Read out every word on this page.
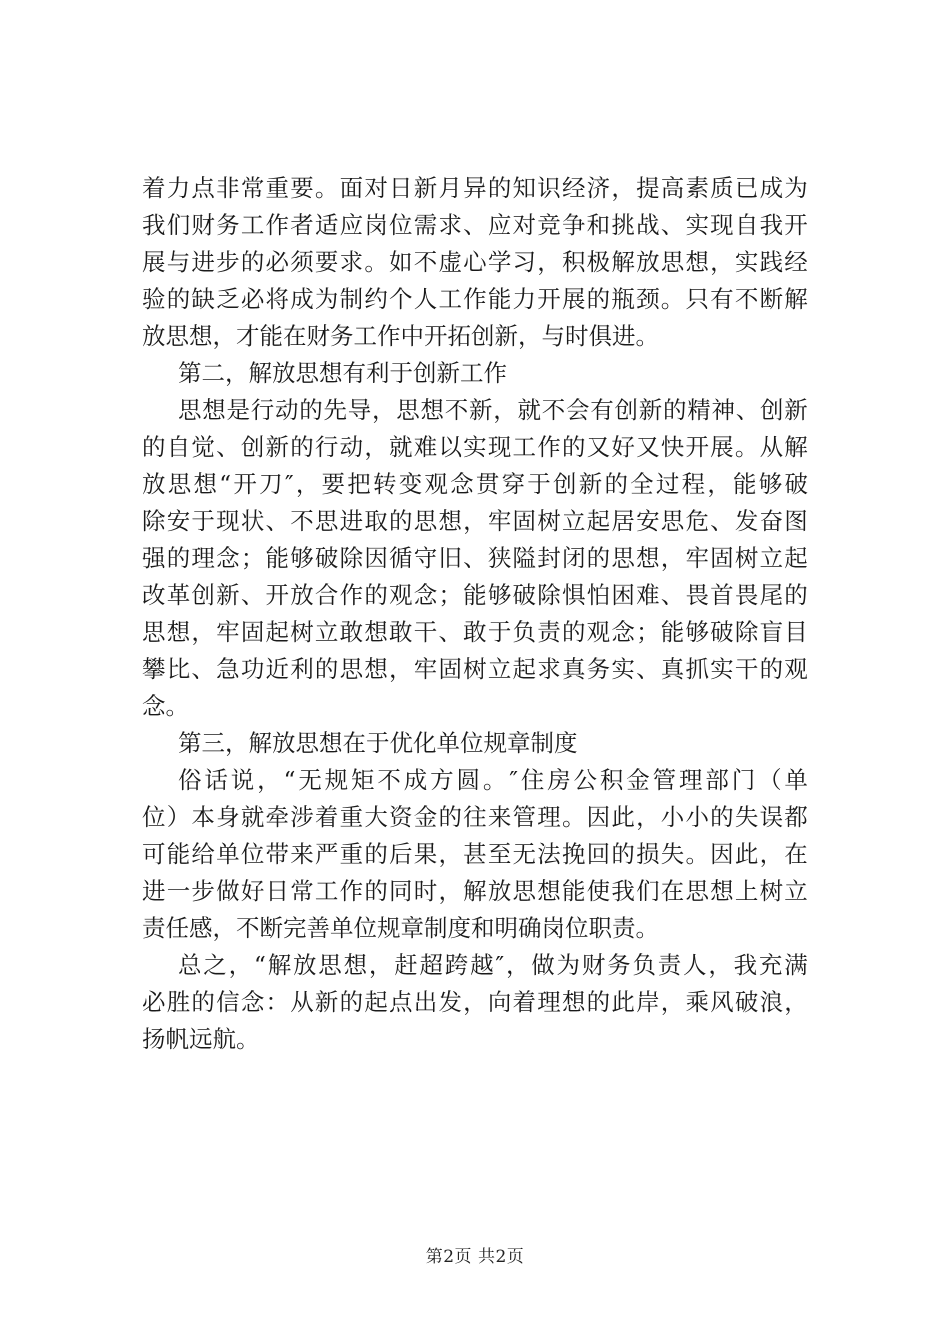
着 力 点 非 常 重 要 。 面 对 日 新 月 异 的 知 识 经 济 ， 提 高 素 质 已 成 为
我 们 财 务 工 作 者 适 应 岗 位 需 求 、 应 对 竞 争 和 挑 战 、 实 现 自 我 开
展 与 进 步 的 必 须 要 求 。 如 不 虚 心 学 习 ， 积 极 解 放 思 想 ， 实 践 经
验 的 缺 乏 必 将 成 为 制 约 个 人 工 作 能 力 开 展 的 瓶 颈 。 只 有 不 断 解
放思想，才能在财务工作中开拓创新，与时俱进。
第二，解放思想有利于创新工作
思 想 是 行 动 的 先 导 ， 思 想 不 新 ， 就 不 会 有 创 新 的 精 神 、 创 新
的 自 觉 、 创 新 的 行 动 ， 就 难 以 实 现 工 作 的 又 好 又 快 开 展 。 从 解
放 思 想 “ 开 刀 ″ ， 要 把 转 变 观 念 贯 穿 于 创 新 的 全 过 程 ， 能 够 破
除 安 于 现 状 、 不 思 进 取 的 思 想 ， 牢 固 树 立 起 居 安 思 危 、 发 奋 图
强 的 理 念 ； 能 够 破 除 因 循 守 旧 、 狭 隘 封 闭 的 思 想 ， 牢 固 树 立 起
改 革 创 新 、 开 放 合 作 的 观 念 ； 能 够 破 除 惧 怕 困 难 、 畏 首 畏 尾 的
思 想 ， 牢 固 起 树 立 敢 想 敢 干 、 敢 于 负 责 的 观 念 ； 能 够 破 除 盲 目
攀 比 、 急 功 近 利 的 思 想 ， 牢 固 树 立 起 求 真 务 实 、 真 抓 实 干 的 观
念。
第三，解放思想在于优化单位规章制度
俗 话 说 ， “ 无 规 矩 不 成 方 圆 。 ″ 住 房 公 积 金 管 理 部 门 （ 单
位 ） 本 身 就 牵 涉 着 重 大 资 金 的 往 来 管 理 。 因 此 ， 小 小 的 失 误 都
可 能 给 单 位 带 来 严 重 的 后 果 ， 甚 至 无 法 挽 回 的 损 失 。 因 此 ， 在
进 一 步 做 好 日 常 工 作 的 同 时 ， 解 放 思 想 能 使 我 们 在 思 想 上 树 立
责任感，不断完善单位规章制度和明确岗位职责。
总 之 ， “ 解 放 思 想 ， 赶 超 跨 越 ″ ， 做 为 财 务 负 责 人 ， 我 充 满
必 胜 的 信 念 ： 从 新 的 起 点 出 发 ， 向 着 理 想 的 此 岸 ， 乘 风 破 浪 ，
扬帆远航。
第2页 共2页
